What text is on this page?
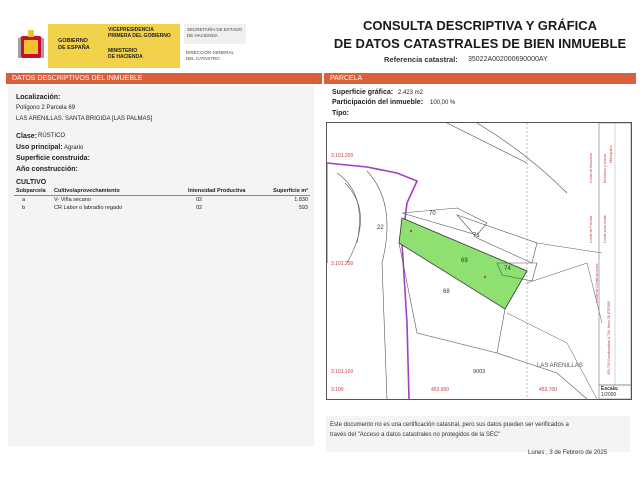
GOBIERNO
DE ESPAÑA
VICEPRESIDENCIA
PRIMERA DEL GOBIERNO
MINISTERIO
DE HACIENDA
SECRETARÍA DE ESTADO
DE HACIENDA
DIRECCIÓN GENERAL
DEL CATASTRO
CONSULTA DESCRIPTIVA Y GRÁFICA
DE DATOS CATASTRALES DE BIEN INMUEBLE
Referencia catastral: 35022A002000690000AY
DATOS DESCRIPTIVOS DEL INMUEBLE	PARCELA
Localización:
Polígono 2 Parcela 69
LAS ARENILLAS. SANTA BRIGIDA [LAS PALMAS]
Clase: RÚSTICO
Uso principal: Agrario
Superficie construida:
Año construcción:
CULTIVO
Subparcela	Cultivo/aprovechamiento	Intensidad Productiva	Superficie m²
a	V- Viña secano	02	1.830
b	CR Labor o labradío regado	02	593
Superficie gráfica: 2.423 m2
Participación del inmueble: 100,00 %
Tipo:
3.101.200
3.101.200
3.101.100
3.100	453.600	453.700
70
22
71
69
74
68
9003
LAS ARENILLAS
Límite de Manzana
Límite de Parcela
Límite de Construcciones
Mobiliario y aceras
Límite zona verde
Hidrografía
453,700 Coordenadas U.T.M. Huso 28 ETRS89
Escala:
1/2000
Este documento no es una certificación catastral, pero sus datos pueden ser verificados a
través del "Acceso a datos catastrales no protegidos de la SEC"
Lunes , 3 de Febrero de 2025
